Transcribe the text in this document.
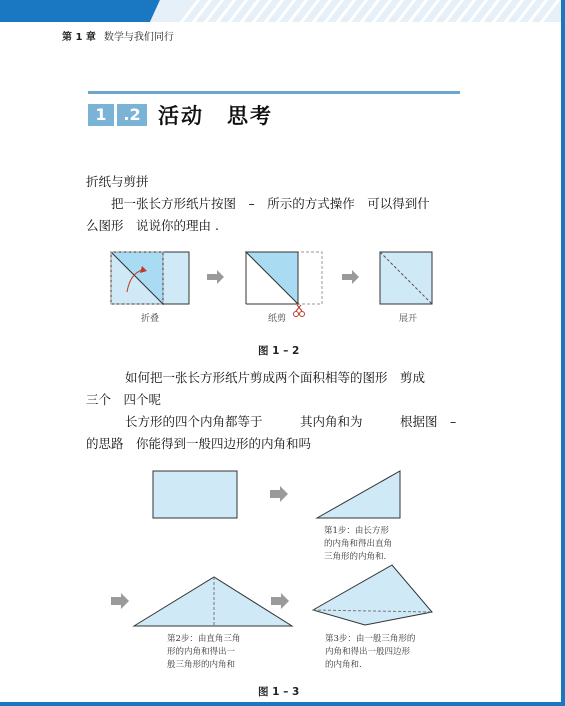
第 1 章 数学与我们同行
1	.2 活动　思考
折纸与剪拼
把一张长方形纸片按图　–　所示的方式操作　可以得到什
么图形　说说你的理由 .
折叠	纸剪	展开
图 1 – 2
如何把一张长方形纸片剪成两个面积相等的图形　剪成
三个　四个呢
长方形的四个内角都等于　　　其内角和为　　　根据图　–
的思路　你能得到一般四边形的内角和吗
第1步：由长方形
的内角和得出直角
三角形的内角和.
第2步：由直角三角
形的内角和得出一
般三角形的内角和
第3步：由一般三角形的
内角和得出一般四边形
的内角和.
图 1 – 3
